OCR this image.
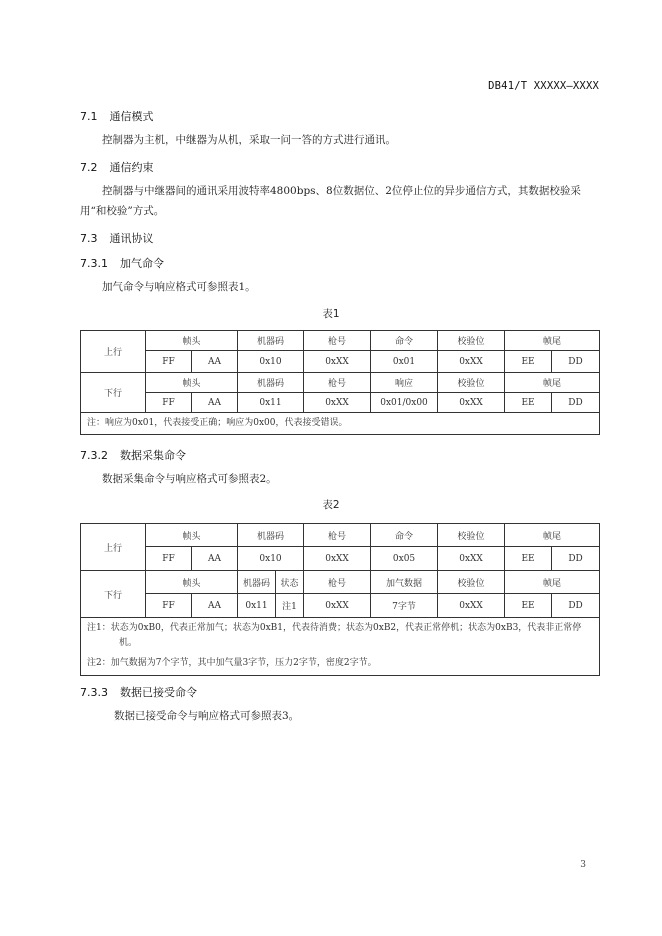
DB41/T XXXXX—XXXX
7.1 通信模式
控制器为主机，中继器为从机，采取一问一答的方式进行通讯。
7.2 通信约束
控制器与中继器间的通讯采用波特率4800bps、8位数据位、2位停止位的异步通信方式，其数据校验采用“和校验”方式。
7.3 通讯协议
7.3.1 加气命令
加气命令与响应格式可参照表1。
表1
上行	帧头		机器码	枪号	命令	校验位	帧尾	
	FF	AA	0x10	0xXX	0x01	0xXX	EE	DD
下行	帧头		机器码	枪号	响应	校验位	帧尾	
	FF	AA	0x11	0xXX	0x01/0x00	0xXX	EE	DD
注：响应为0x01，代表接受正确；响应为0x00，代表接受错误。								
7.3.2 数据采集命令
数据采集命令与响应格式可参照表2。
表2
上行	帧头		机器码		枪号	命令	校验位	帧尾	
	FF	AA	0x10		0xXX	0x05	0xXX	EE	DD
下行	帧头		机器码	状态	枪号	加气数据	校验位	帧尾	
	FF	AA	0x11	注1	0xXX	7字节	0xXX	EE	DD

注1：状态为0xB0，代表正常加气；状态为0xB1，代表待消费；状态为0xB2，代表正常停机；状态为0xB3，代表非正常停机。
注2：加气数据为7个字节，其中加气量3字节，压力2字节，密度2字节。									
7.3.3 数据已接受命令
数据已接受命令与响应格式可参照表3。
3
